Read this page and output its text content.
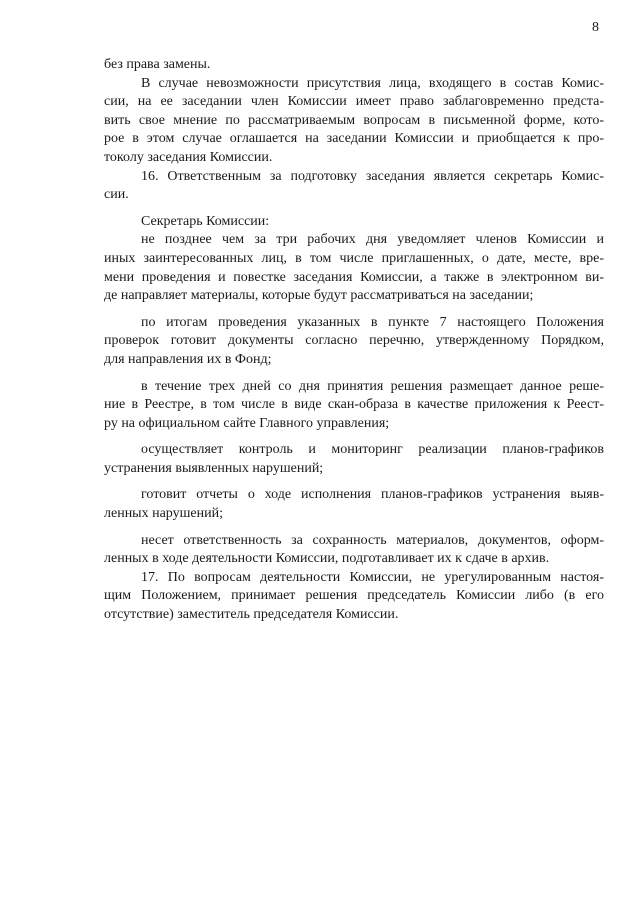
8
без права замены.
В случае невозможности присутствия лица, входящего в состав Комис-
сии, на ее заседании член Комиссии имеет право заблаговременно предста-
вить свое мнение по рассматриваемым вопросам в письменной форме, кото-
рое в этом случае оглашается на заседании Комиссии и приобщается к про-
токолу заседания Комиссии.
16. Ответственным за подготовку заседания является секретарь Комис-
сии.
Секретарь Комиссии:
не позднее чем за три рабочих дня уведомляет членов Комиссии и
иных заинтересованных лиц, в том числе приглашенных, о дате, месте, вре-
мени проведения и повестке заседания Комиссии, а также в электронном ви-
де направляет материалы, которые будут рассматриваться на заседании;
по итогам проведения указанных в пункте 7 настоящего Положения
проверок готовит документы согласно перечню, утвержденному Порядком,
для направления их в Фонд;
в течение трех дней со дня принятия решения размещает данное реше-
ние в Реестре, в том числе в виде скан-образа в качестве приложения к Реест-
ру на официальном сайте Главного управления;
осуществляет контроль и мониторинг реализации планов-графиков
устранения выявленных нарушений;
готовит отчеты о ходе исполнения планов-графиков устранения выяв-
ленных нарушений;
несет ответственность за сохранность материалов, документов, оформ-
ленных в ходе деятельности Комиссии, подготавливает их к сдаче в архив.
17. По вопросам деятельности Комиссии, не урегулированным настоя-
щим Положением, принимает решения председатель Комиссии либо (в его
отсутствие) заместитель председателя Комиссии.
